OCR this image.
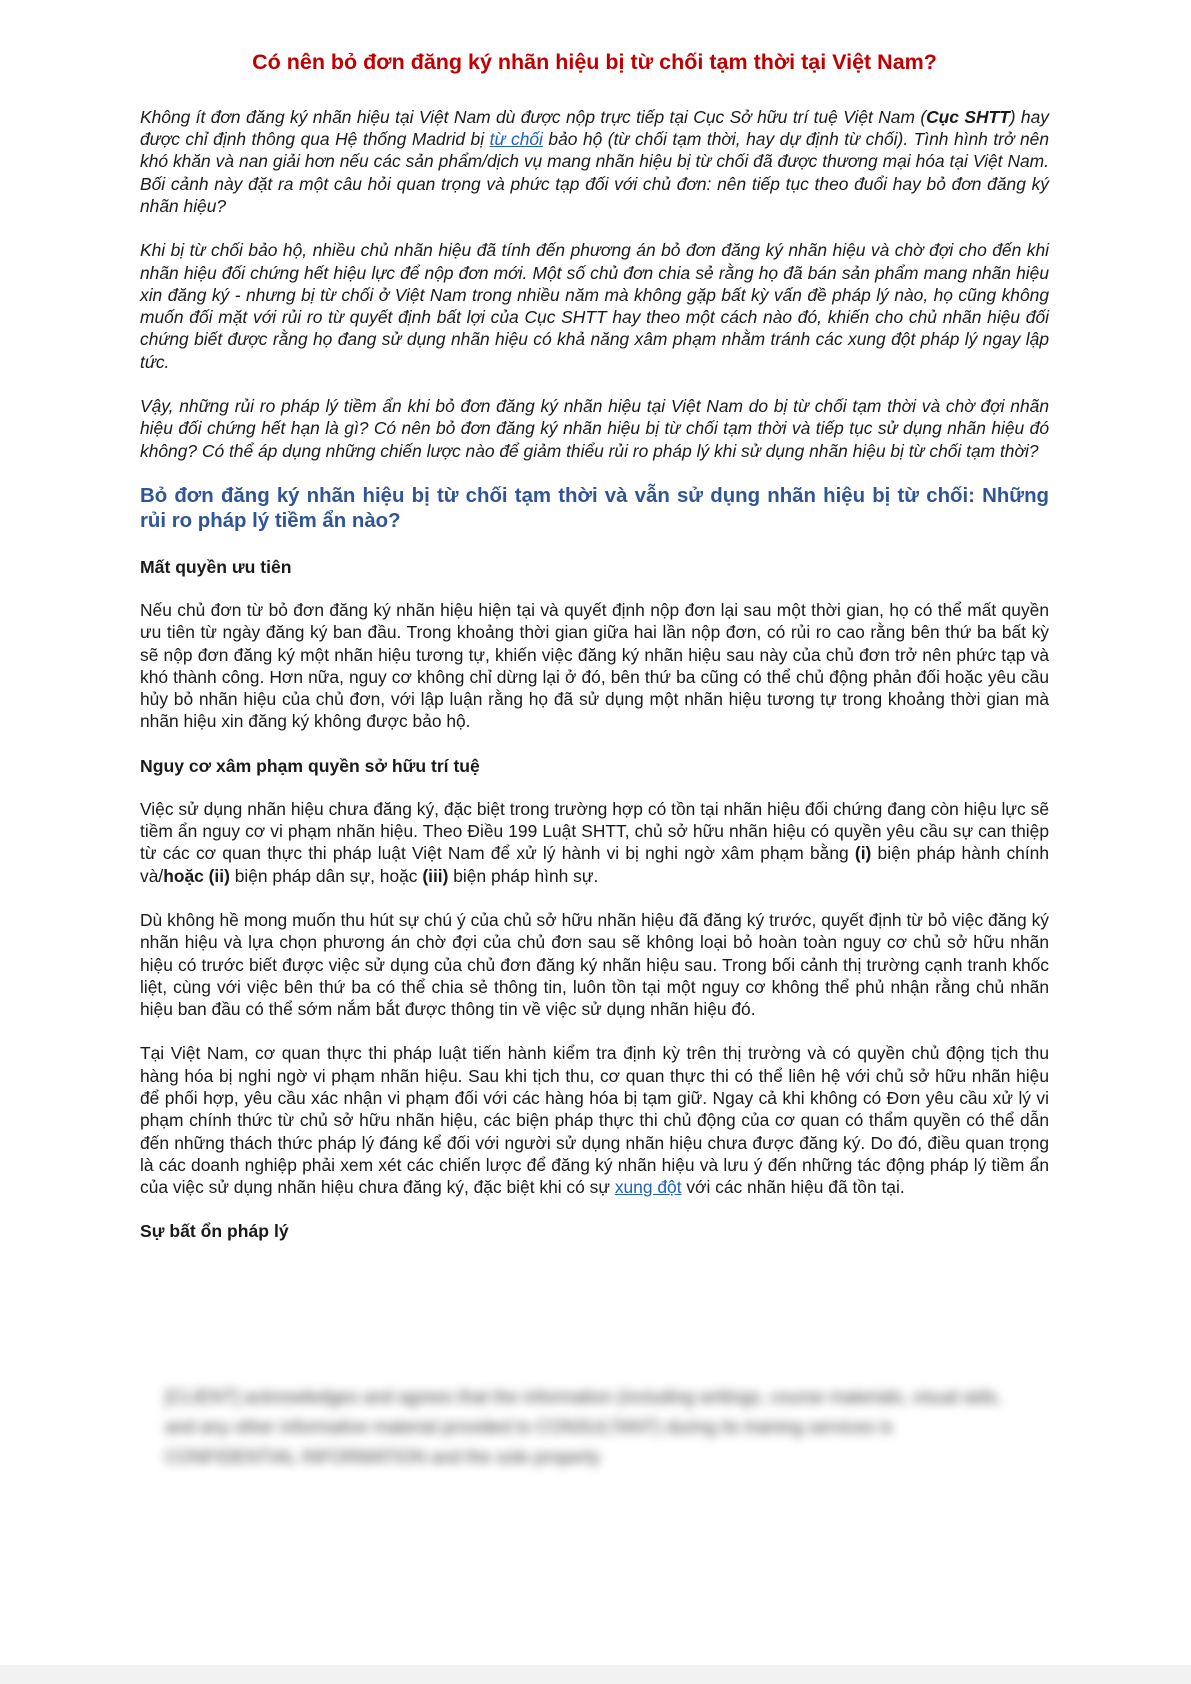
Có nên bỏ đơn đăng ký nhãn hiệu bị từ chối tạm thời tại Việt Nam?

Không ít đơn đăng ký nhãn hiệu tại Việt Nam dù được nộp trực tiếp tại Cục Sở hữu trí tuệ Việt Nam (Cục SHTT) hay được chỉ định thông qua Hệ thống Madrid bị từ chối bảo hộ (từ chối tạm thời, hay dự định từ chối). Tình hình trở nên khó khăn và nan giải hơn nếu các sản phẩm/dịch vụ mang nhãn hiệu bị từ chối đã được thương mại hóa tại Việt Nam. Bối cảnh này đặt ra một câu hỏi quan trọng và phức tạp đối với chủ đơn: nên tiếp tục theo đuổi hay bỏ đơn đăng ký nhãn hiệu?

Khi bị từ chối bảo hộ, nhiều chủ nhãn hiệu đã tính đến phương án bỏ đơn đăng ký nhãn hiệu và chờ đợi cho đến khi nhãn hiệu đối chứng hết hiệu lực để nộp đơn mới. Một số chủ đơn chia sẻ rằng họ đã bán sản phẩm mang nhãn hiệu xin đăng ký - nhưng bị từ chối ở Việt Nam trong nhiều năm mà không gặp bất kỳ vấn đề pháp lý nào, họ cũng không muốn đối mặt với rủi ro từ quyết định bất lợi của Cục SHTT hay theo một cách nào đó, khiến cho chủ nhãn hiệu đối chứng biết được rằng họ đang sử dụng nhãn hiệu có khả năng xâm phạm nhằm tránh các xung đột pháp lý ngay lập tức.

Vậy, những rủi ro pháp lý tiềm ẩn khi bỏ đơn đăng ký nhãn hiệu tại Việt Nam do bị từ chối tạm thời và chờ đợi nhãn hiệu đối chứng hết hạn là gì? Có nên bỏ đơn đăng ký nhãn hiệu bị từ chối tạm thời và tiếp tục sử dụng nhãn hiệu đó không? Có thể áp dụng những chiến lược nào để giảm thiểu rủi ro pháp lý khi sử dụng nhãn hiệu bị từ chối tạm thời?

Bỏ đơn đăng ký nhãn hiệu bị từ chối tạm thời và vẫn sử dụng nhãn hiệu bị từ chối: Những rủi ro pháp lý tiềm ẩn nào?
Mất quyền ưu tiên

Nếu chủ đơn từ bỏ đơn đăng ký nhãn hiệu hiện tại và quyết định nộp đơn lại sau một thời gian, họ có thể mất quyền ưu tiên từ ngày đăng ký ban đầu. Trong khoảng thời gian giữa hai lần nộp đơn, có rủi ro cao rằng bên thứ ba bất kỳ sẽ nộp đơn đăng ký một nhãn hiệu tương tự, khiến việc đăng ký nhãn hiệu sau này của chủ đơn trở nên phức tạp và khó thành công. Hơn nữa, nguy cơ không chỉ dừng lại ở đó, bên thứ ba cũng có thể chủ động phản đối hoặc yêu cầu hủy bỏ nhãn hiệu của chủ đơn, với lập luận rằng họ đã sử dụng một nhãn hiệu tương tự trong khoảng thời gian mà nhãn hiệu xin đăng ký không được bảo hộ.

Nguy cơ xâm phạm quyền sở hữu trí tuệ

Việc sử dụng nhãn hiệu chưa đăng ký, đặc biệt trong trường hợp có tồn tại nhãn hiệu đối chứng đang còn hiệu lực sẽ tiềm ẩn nguy cơ vi phạm nhãn hiệu. Theo Điều 199 Luật SHTT, chủ sở hữu nhãn hiệu có quyền yêu cầu sự can thiệp từ các cơ quan thực thi pháp luật Việt Nam để xử lý hành vi bị nghi ngờ xâm phạm bằng (i) biện pháp hành chính và/hoặc (ii) biện pháp dân sự, hoặc (iii) biện pháp hình sự.

Dù không hề mong muốn thu hút sự chú ý của chủ sở hữu nhãn hiệu đã đăng ký trước, quyết định từ bỏ việc đăng ký nhãn hiệu và lựa chọn phương án chờ đợi của chủ đơn sau sẽ không loại bỏ hoàn toàn nguy cơ chủ sở hữu nhãn hiệu có trước biết được việc sử dụng của chủ đơn đăng ký nhãn hiệu sau. Trong bối cảnh thị trường cạnh tranh khốc liệt, cùng với việc bên thứ ba có thể chia sẻ thông tin, luôn tồn tại một nguy cơ không thể phủ nhận rằng chủ nhãn hiệu ban đầu có thể sớm nắm bắt được thông tin về việc sử dụng nhãn hiệu đó.

Tại Việt Nam, cơ quan thực thi pháp luật tiến hành kiểm tra định kỳ trên thị trường và có quyền chủ động tịch thu hàng hóa bị nghi ngờ vi phạm nhãn hiệu. Sau khi tịch thu, cơ quan thực thi có thể liên hệ với chủ sở hữu nhãn hiệu để phối hợp, yêu cầu xác nhận vi phạm đối với các hàng hóa bị tạm giữ. Ngay cả khi không có Đơn yêu cầu xử lý vi phạm chính thức từ chủ sở hữu nhãn hiệu, các biện pháp thực thi chủ động của cơ quan có thẩm quyền có thể dẫn đến những thách thức pháp lý đáng kể đối với người sử dụng nhãn hiệu chưa được đăng ký. Do đó, điều quan trọng là các doanh nghiệp phải xem xét các chiến lược để đăng ký nhãn hiệu và lưu ý đến những tác động pháp lý tiềm ẩn của việc sử dụng nhãn hiệu chưa đăng ký, đặc biệt khi có sự xung đột với các nhãn hiệu đã tồn tại.

Sự bất ổn pháp lý
[CLIENT] acknowledges and agrees that the information (including writings, course materials, visual aids, and any other informative material provided to CONSULTANT) during its training services is CONFIDENTIAL INFORMATION and the sole property
